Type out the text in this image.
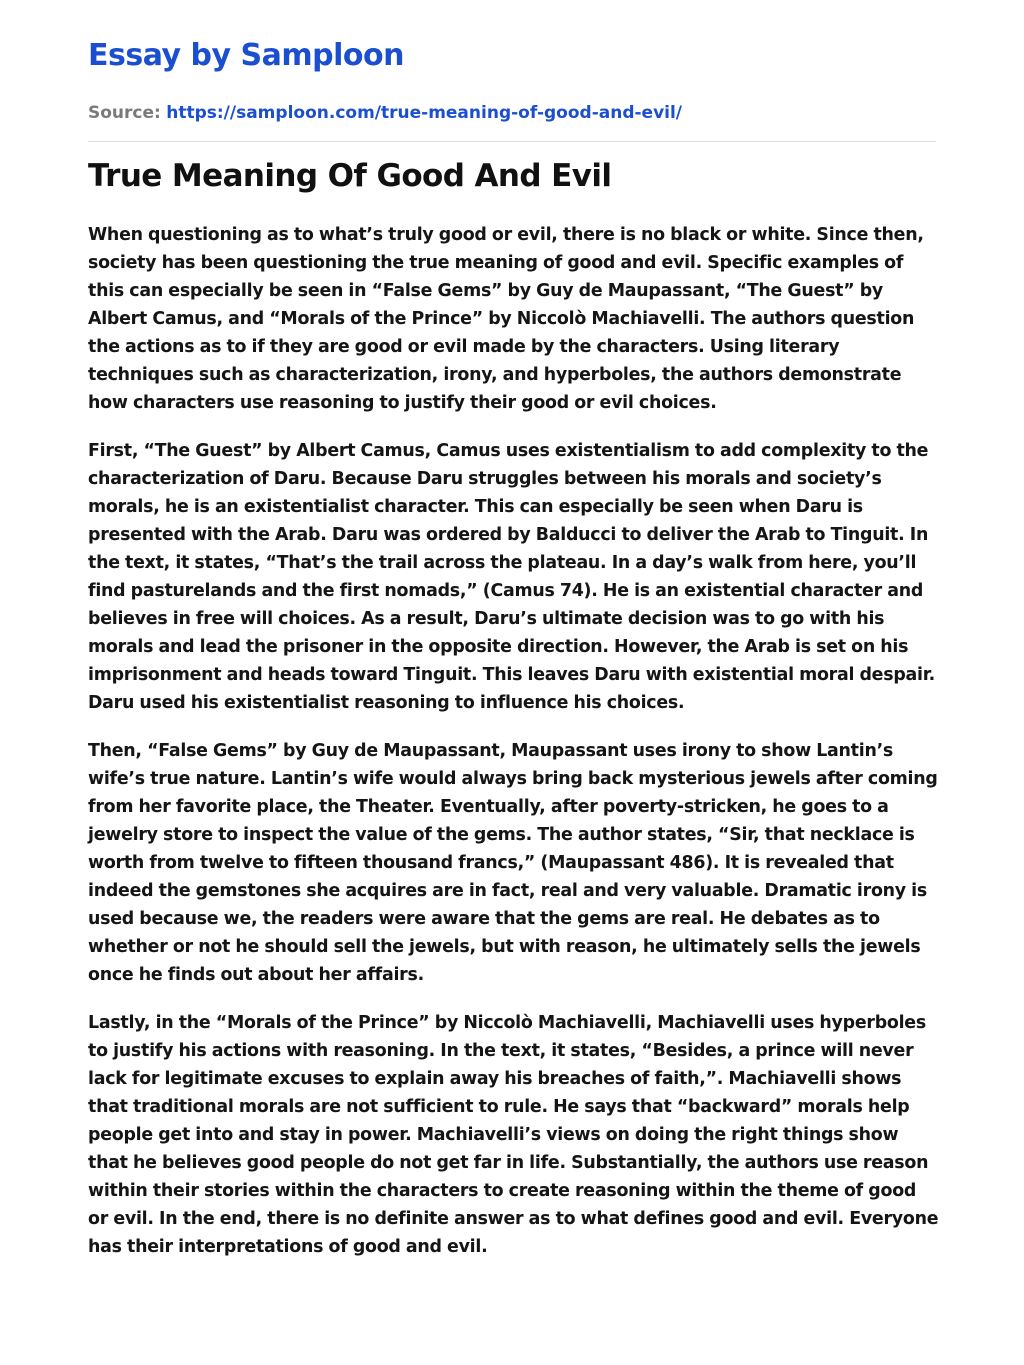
Essay by Samploon
Source: https://samploon.com/true-meaning-of-good-and-evil/
True Meaning Of Good And Evil

When questioning as to what’s truly good or evil, there is no black or white. Since then, society has been questioning the true meaning of good and evil. Specific examples of this can especially be seen in “False Gems” by Guy de Maupassant, “The Guest” by Albert Camus, and “Morals of the Prince” by Niccolò Machiavelli. The authors question the actions as to if they are good or evil made by the characters. Using literary techniques such as characterization, irony, and hyperboles, the authors demonstrate how characters use reasoning to justify their good or evil choices.

First, “The Guest” by Albert Camus, Camus uses existentialism to add complexity to the characterization of Daru. Because Daru struggles between his morals and society’s morals, he is an existentialist character. This can especially be seen when Daru is presented with the Arab. Daru was ordered by Balducci to deliver the Arab to Tinguit. In the text, it states, “That’s the trail across the plateau. In a day’s walk from here, you’ll find pasturelands and the first nomads,” (Camus 74). He is an existential character and believes in free will choices. As a result, Daru’s ultimate decision was to go with his morals and lead the prisoner in the opposite direction. However, the Arab is set on his imprisonment and heads toward Tinguit. This leaves Daru with existential moral despair. Daru used his existentialist reasoning to influence his choices.

Then, “False Gems” by Guy de Maupassant, Maupassant uses irony to show Lantin’s wife’s true nature. Lantin’s wife would always bring back mysterious jewels after coming from her favorite place, the Theater. Eventually, after poverty-stricken, he goes to a jewelry store to inspect the value of the gems. The author states, “Sir, that necklace is worth from twelve to fifteen thousand francs,” (Maupassant 486). It is revealed that indeed the gemstones she acquires are in fact, real and very valuable. Dramatic irony is used because we, the readers were aware that the gems are real. He debates as to whether or not he should sell the jewels, but with reason, he ultimately sells the jewels once he finds out about her affairs.

Lastly, in the “Morals of the Prince” by Niccolò Machiavelli, Machiavelli uses hyperboles to justify his actions with reasoning. In the text, it states, “Besides, a prince will never lack for legitimate excuses to explain away his breaches of faith,”. Machiavelli shows that traditional morals are not sufficient to rule. He says that “backward” morals help people get into and stay in power. Machiavelli’s views on doing the right things show that he believes good people do not get far in life. Substantially, the authors use reason within their stories within the characters to create reasoning within the theme of good or evil. In the end, there is no definite answer as to what defines good and evil. Everyone has their interpretations of good and evil.
